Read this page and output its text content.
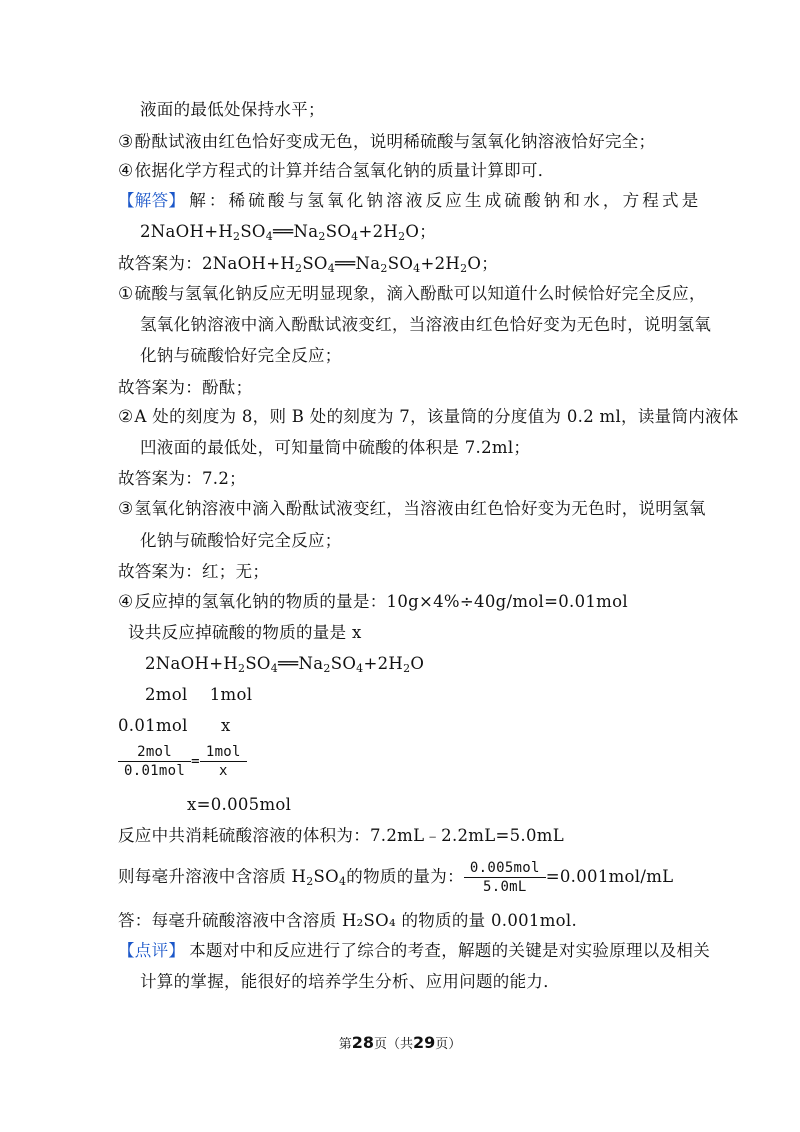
液面的最低处保持水平；
③酚酞试液由红色恰好变成无色，说明稀硫酸与氢氧化钠溶液恰好完全；
④依据化学方程式的计算并结合氢氧化钠的质量计算即可．
【解答】 解：稀硫酸与氢氧化钠溶液反应生成硫酸钠和水，方程式是
$2NaOH+H_2SO_4══Na_2SO_4+2H_2O$；
故答案为：$2NaOH+H_2SO_4══Na_2SO_4+2H_2O$；
①硫酸与氢氧化钠反应无明显现象，滴入酚酞可以知道什么时候恰好完全反应，
氢氧化钠溶液中滴入酚酞试液变红，当溶液由红色恰好变为无色时，说明氢氧
化钠与硫酸恰好完全反应；
故答案为：酚酞；
②A 处的刻度为 8，则 B 处的刻度为 7，该量筒的分度值为 0.2 ml，读量筒内液体
凹液面的最低处，可知量筒中硫酸的体积是 7.2ml；
故答案为：7.2；
③氢氧化钠溶液中滴入酚酞试液变红，当溶液由红色恰好变为无色时，说明氢氧
化钠与硫酸恰好完全反应；
故答案为：红；无；
④反应掉的氢氧化钠的物质的量是：10g×4%÷40g/mol=0.01mol
设共反应掉硫酸的物质的量是 x
$2NaOH+H_2SO_4══Na_2SO_4+2H_2O$
2mol    1mol
0.01mol      x
$\frac{\text{2mol}}{\text{0.01mol}} = \frac{\text{1mol}}{x}$
x=0.005mol
反应中共消耗硫酸溶液的体积为：7.2mL﹣2.2mL=5.0mL
则每毫升溶液中含溶质 $H_2SO_4$的物质的量为： $\frac{\text{0.005mol}}{5.0mL} =0.001mol/mL$
答：每毫升硫酸溶液中含溶质 H₂SO₄ 的物质的量 0.001mol.
【点评】 本题对中和反应进行了综合的考查，解题的关键是对实验原理以及相关
计算的掌握，能很好的培养学生分析、应用问题的能力．
第28页（共29页）
